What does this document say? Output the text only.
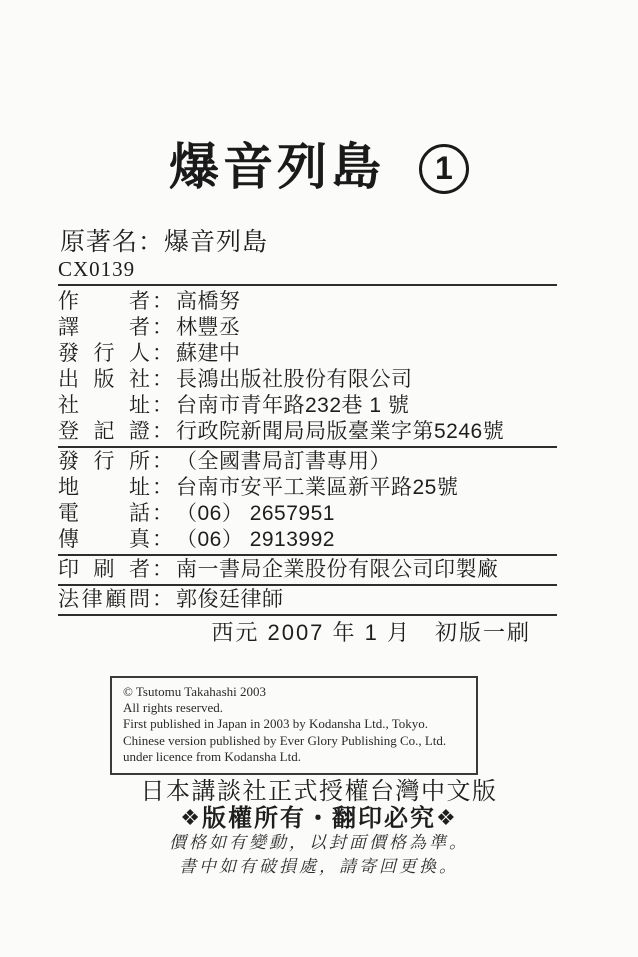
爆音列島 1
原著名：爆音列島
CX0139
作者 ： 高橋努
譯者 ： 林豐丞
發行人 ： 蘇建中
出版社 ： 長鴻出版社股份有限公司
社址 ： 台南市青年路232巷 1 號
登記證 ： 行政院新聞局局版臺業字第5246號
發行所 ： （全國書局訂書專用）
地址 ： 台南市安平工業區新平路25號
電話 ： （06） 2657951
傳真 ： （06） 2913992
印刷者 ： 南一書局企業股份有限公司印製廠
法律顧問 ： 郭俊廷律師
西元 2007 年 1 月　初版一刷
© Tsutomu Takahashi 2003
All rights reserved.
First published in Japan in 2003 by Kodansha Ltd., Tokyo.
Chinese version published by Ever Glory Publishing Co., Ltd.
under licence from Kodansha Ltd.
日本講談社正式授權台灣中文版
❖版權所有・翻印必究❖
價格如有變動，以封面價格為準。
書中如有破損處，請寄回更換。
